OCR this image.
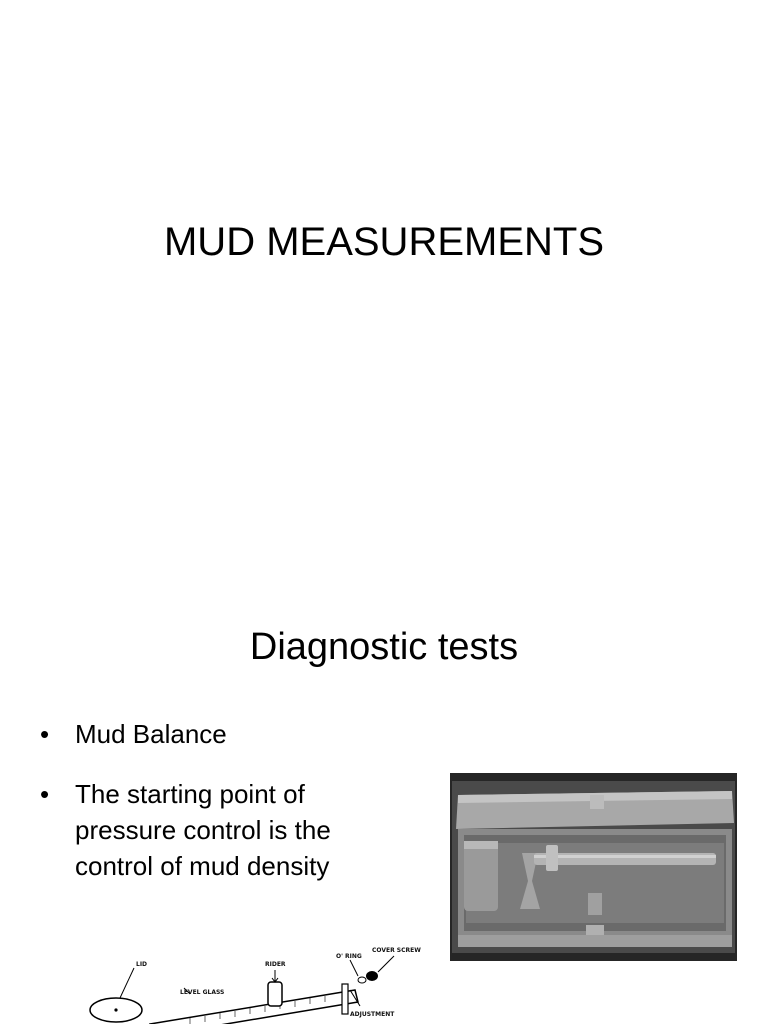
MUD MEASUREMENTS
Diagnostic tests
• Mud Balance
• The starting point of pressure control is the control of mud density
LID
LEVEL GLASS
RIDER
O' RING
COVER SCREW
ADJUSTMENT
